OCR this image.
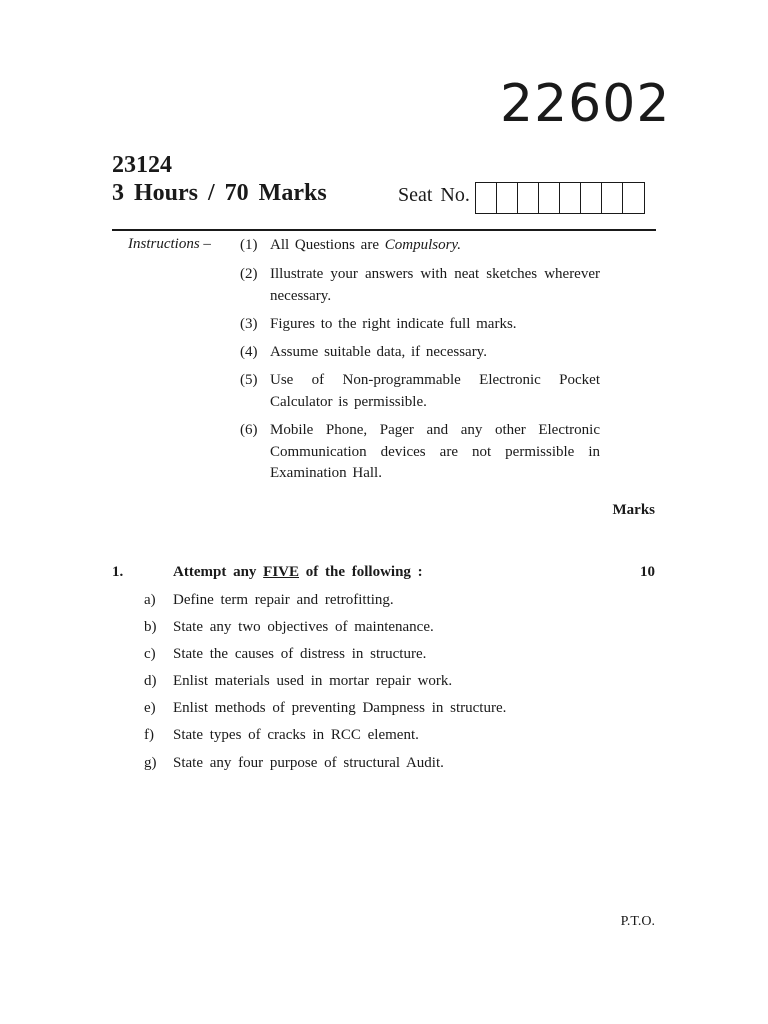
22602
23124
3 Hours / 70 Marks	Seat No.
Instructions – (1) All Questions are Compulsory.
(2) Illustrate your answers with neat sketches wherever necessary.
(3) Figures to the right indicate full marks.
(4) Assume suitable data, if necessary.
(5) Use of Non-programmable Electronic Pocket Calculator is permissible.
(6) Mobile Phone, Pager and any other Electronic Communication devices are not permissible in Examination Hall.
Marks
1.	Attempt any FIVE of the following :	10
a) Define term repair and retrofitting.
b) State any two objectives of maintenance.
c) State the causes of distress in structure.
d) Enlist materials used in mortar repair work.
e) Enlist methods of preventing Dampness in structure.
f) State types of cracks in RCC element.
g) State any four purpose of structural Audit.
P.T.O.
